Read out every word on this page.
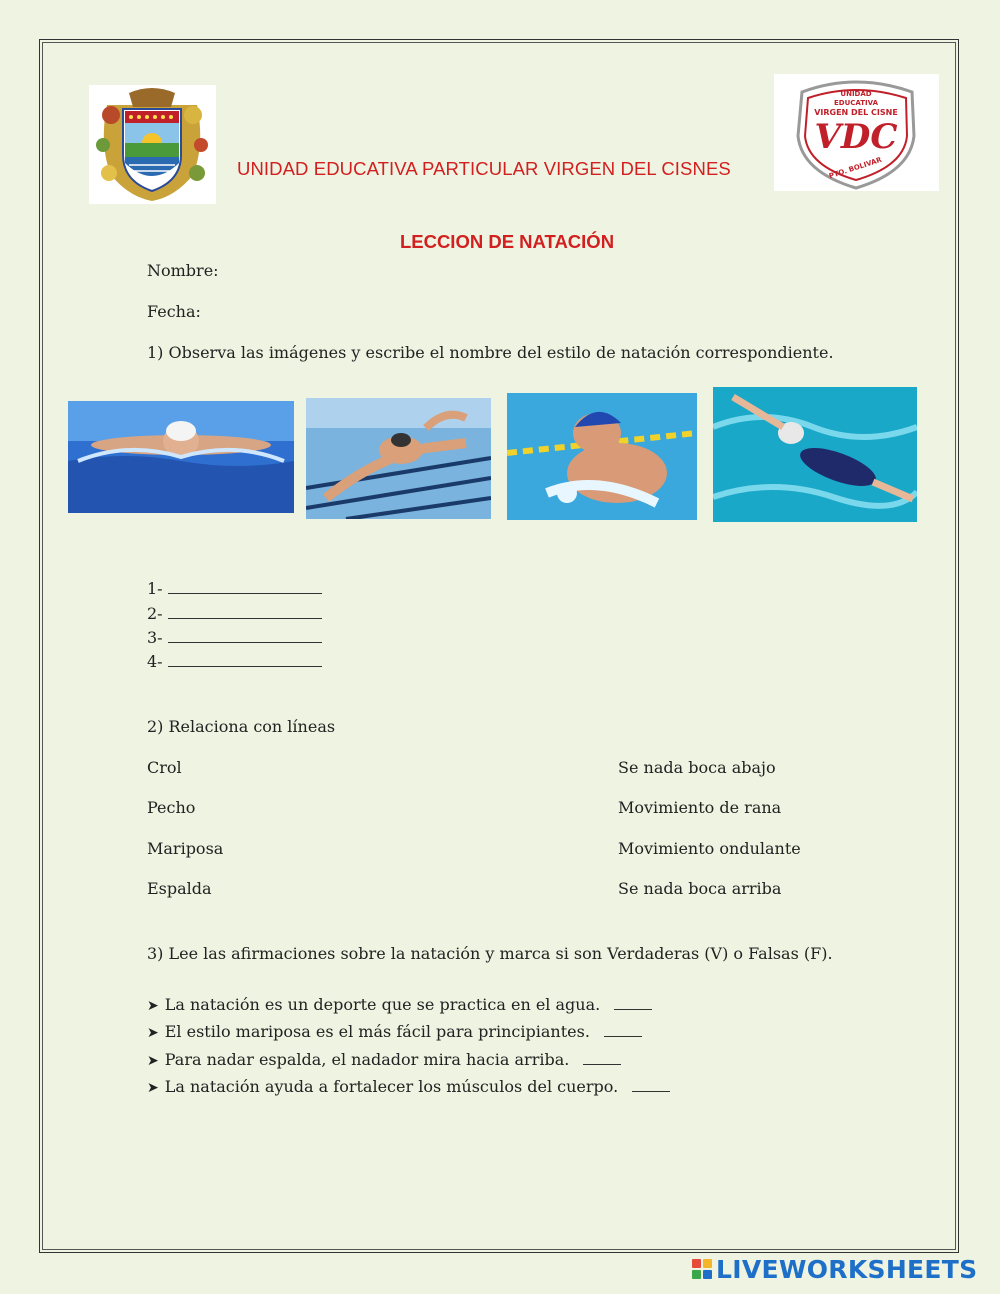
UNIDAD EDUCATIVA PARTICULAR VIRGEN DEL CISNES
UNIDAD
EDUCATIVA
VIRGEN DEL CISNE
VDC
PTO. BOLIVAR
LECCION DE NATACIÓN
Nombre:
Fecha:
1) Observa las imágenes y escribe el nombre del estilo de natación correspondiente.
1-
2-
3-
4-
2) Relaciona con líneas
Crol
Pecho
Mariposa
Espalda
Se nada boca abajo
Movimiento de rana
Movimiento ondulante
Se nada boca arriba
3) Lee las afirmaciones sobre la natación y marca si son Verdaderas (V) o Falsas (F).
➤ La natación es un deporte que se practica en el agua.
➤ El estilo mariposa es el más fácil para principiantes.
➤ Para nadar espalda, el nadador mira hacia arriba.
➤ La natación ayuda a fortalecer los músculos del cuerpo.
LIVEWORKSHEETS
